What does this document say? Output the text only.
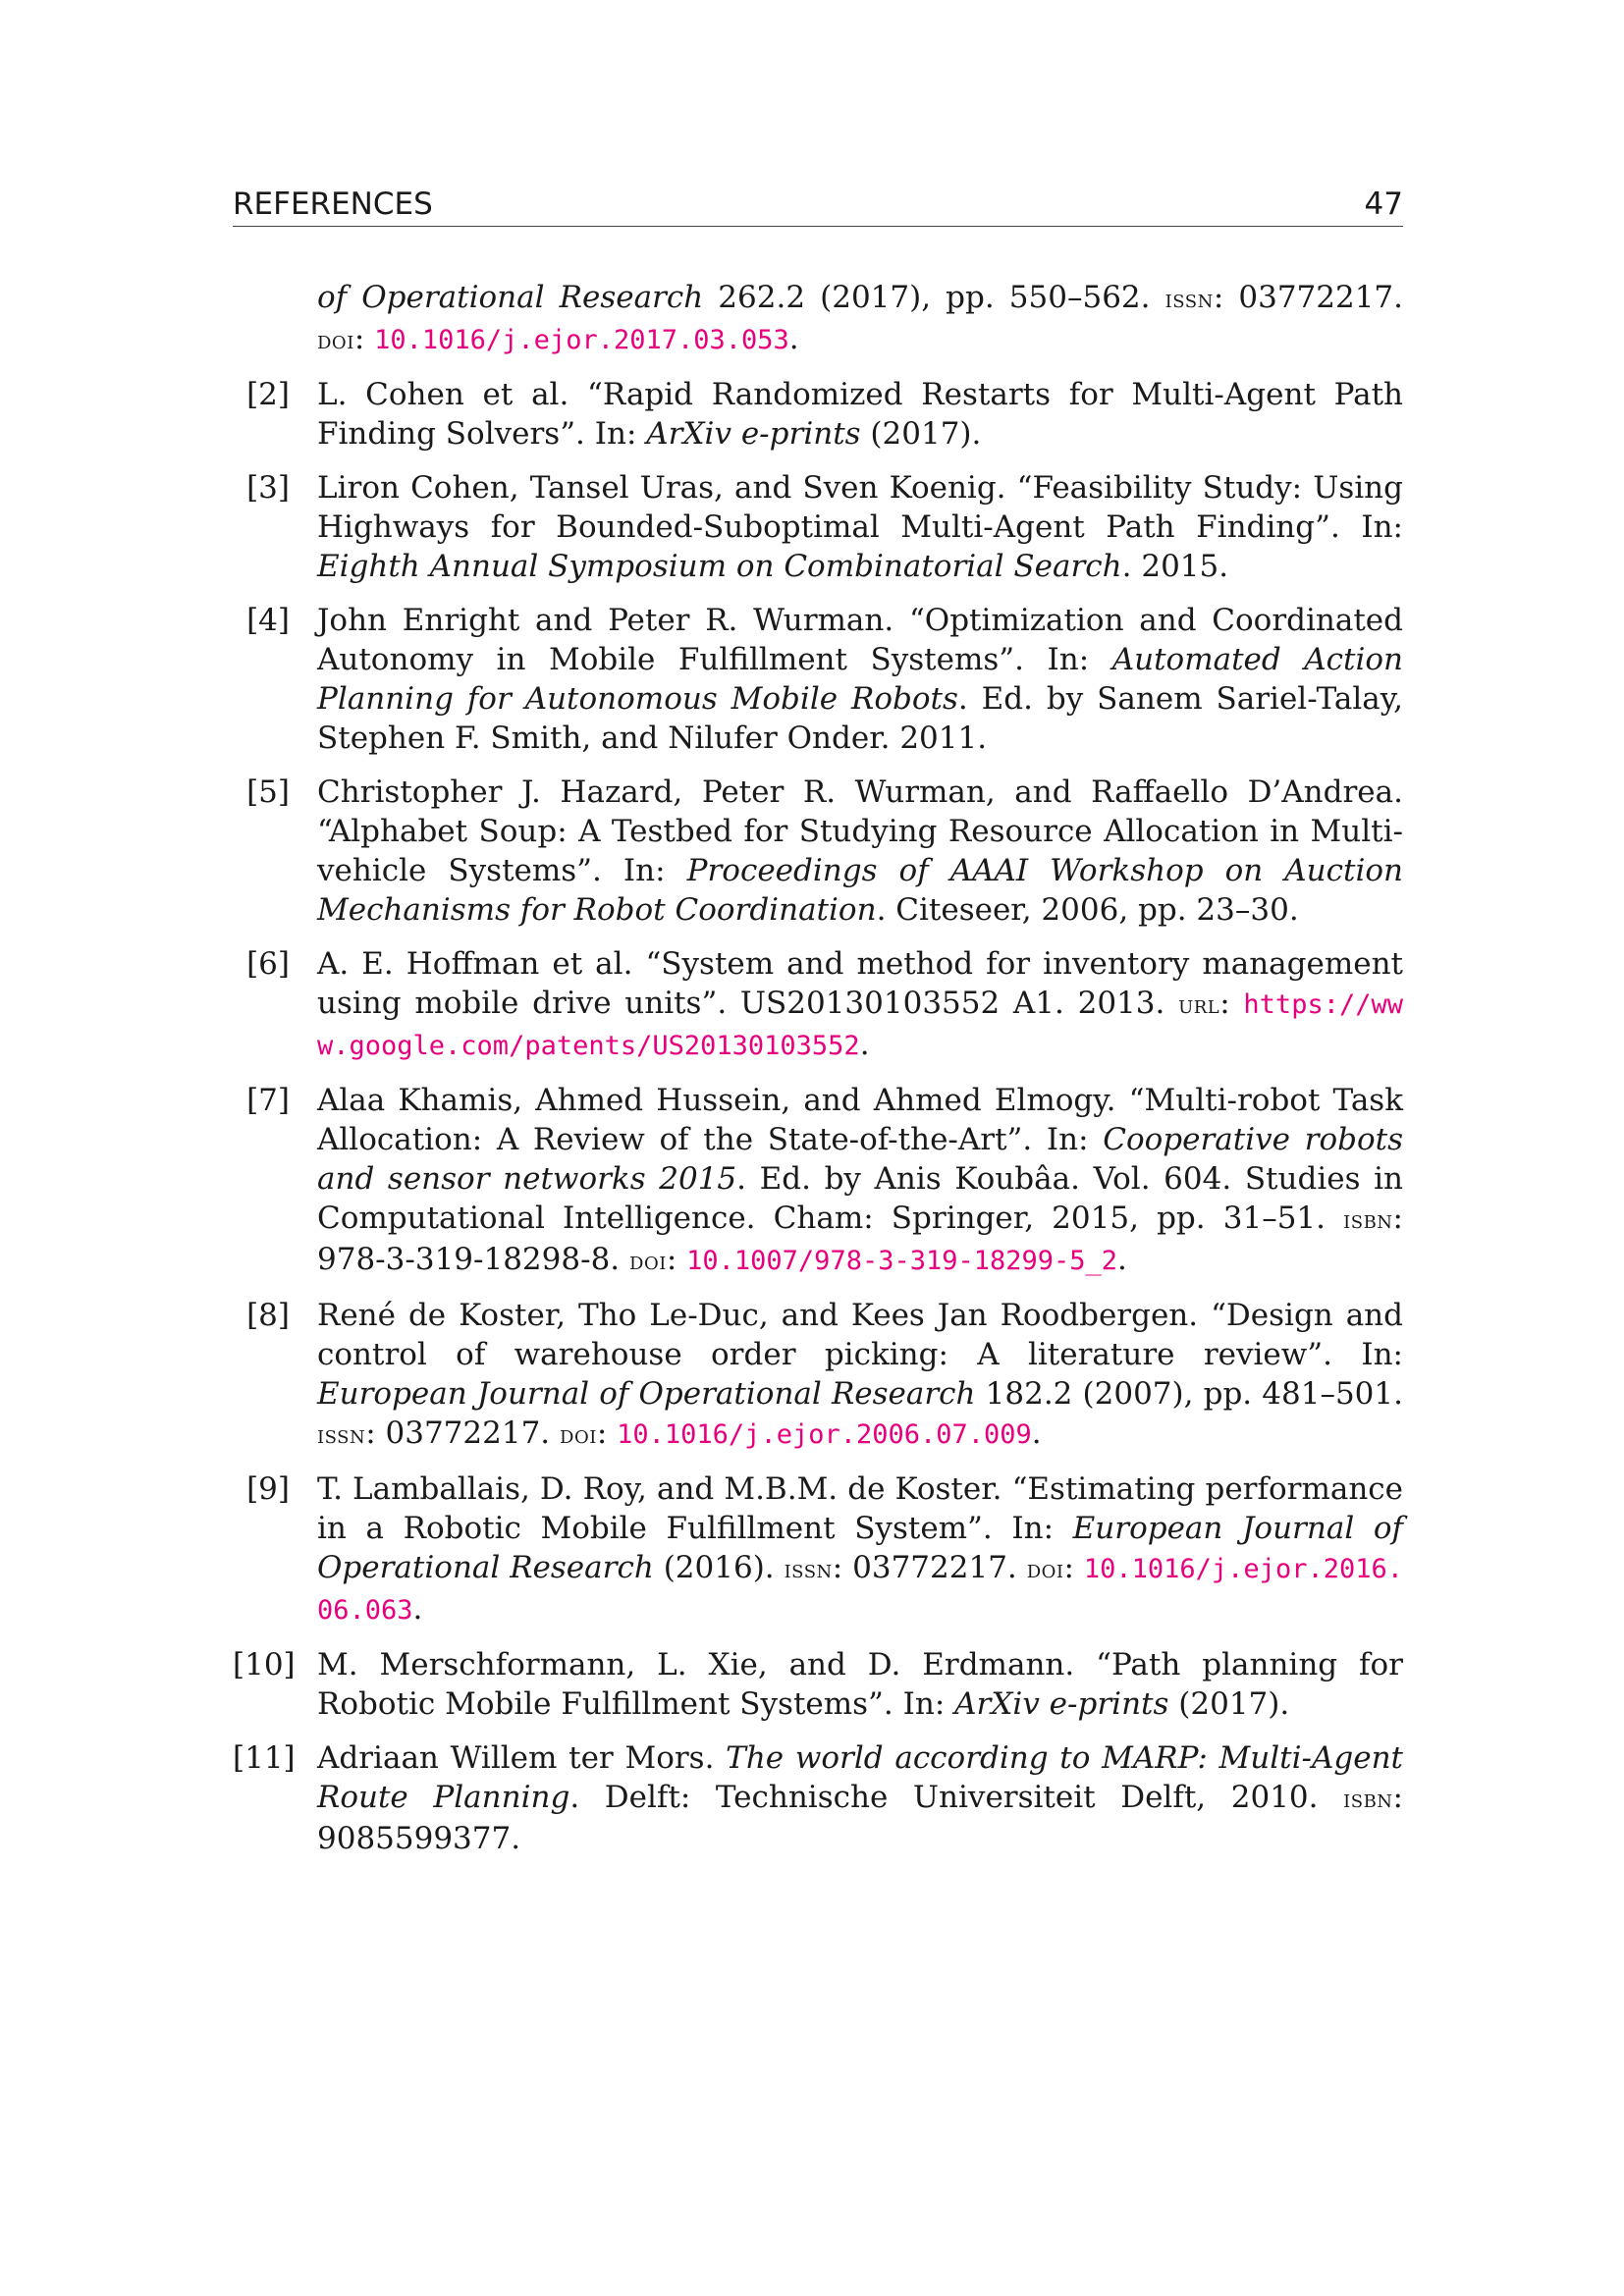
REFERENCES	47
of Operational Research 262.2 (2017), pp. 550–562. issn: 03772217. doi: 10.1016/j.ejor.2017.03.053.
[2] L. Cohen et al. “Rapid Randomized Restarts for Multi-Agent Path Finding Solvers”. In: ArXiv e-prints (2017).
[3] Liron Cohen, Tansel Uras, and Sven Koenig. “Feasibility Study: Using Highways for Bounded-Suboptimal Multi-Agent Path Finding”. In: Eighth Annual Symposium on Combinatorial Search. 2015.
[4] John Enright and Peter R. Wurman. “Optimization and Coordinated Autonomy in Mobile Fulfillment Systems”. In: Automated Action Planning for Autonomous Mobile Robots. Ed. by Sanem Sariel-Talay, Stephen F. Smith, and Nilufer Onder. 2011.
[5] Christopher J. Hazard, Peter R. Wurman, and Raffaello D’Andrea. “Alphabet Soup: A Testbed for Studying Resource Allocation in Multi-vehicle Systems”. In: Proceedings of AAAI Workshop on Auction Mechanisms for Robot Coordination. Citeseer, 2006, pp. 23–30.
[6] A. E. Hoffman et al. “System and method for inventory management using mobile drive units”. US20130103552 A1. 2013. url: https://www.google.com/patents/US20130103552.
[7] Alaa Khamis, Ahmed Hussein, and Ahmed Elmogy. “Multi-robot Task Allocation: A Review of the State-of-the-Art”. In: Cooperative robots and sensor networks 2015. Ed. by Anis Koubâa. Vol. 604. Studies in Computational Intelligence. Cham: Springer, 2015, pp. 31–51. isbn: 978-3-319-18298-8. doi: 10.1007/978-3-319-18299-5_2.
[8] René de Koster, Tho Le-Duc, and Kees Jan Roodbergen. “Design and control of warehouse order picking: A literature review”. In: European Journal of Operational Research 182.2 (2007), pp. 481–501. issn: 03772217. doi: 10.1016/j.ejor.2006.07.009.
[9] T. Lamballais, D. Roy, and M.B.M. de Koster. “Estimating performance in a Robotic Mobile Fulfillment System”. In: European Journal of Operational Research (2016). issn: 03772217. doi: 10.1016/j.ejor.2016.06.063.
[10] M. Merschformann, L. Xie, and D. Erdmann. “Path planning for Robotic Mobile Fulfillment Systems”. In: ArXiv e-prints (2017).
[11] Adriaan Willem ter Mors. The world according to MARP: Multi-Agent Route Planning. Delft: Technische Universiteit Delft, 2010. isbn: 9085599377.
